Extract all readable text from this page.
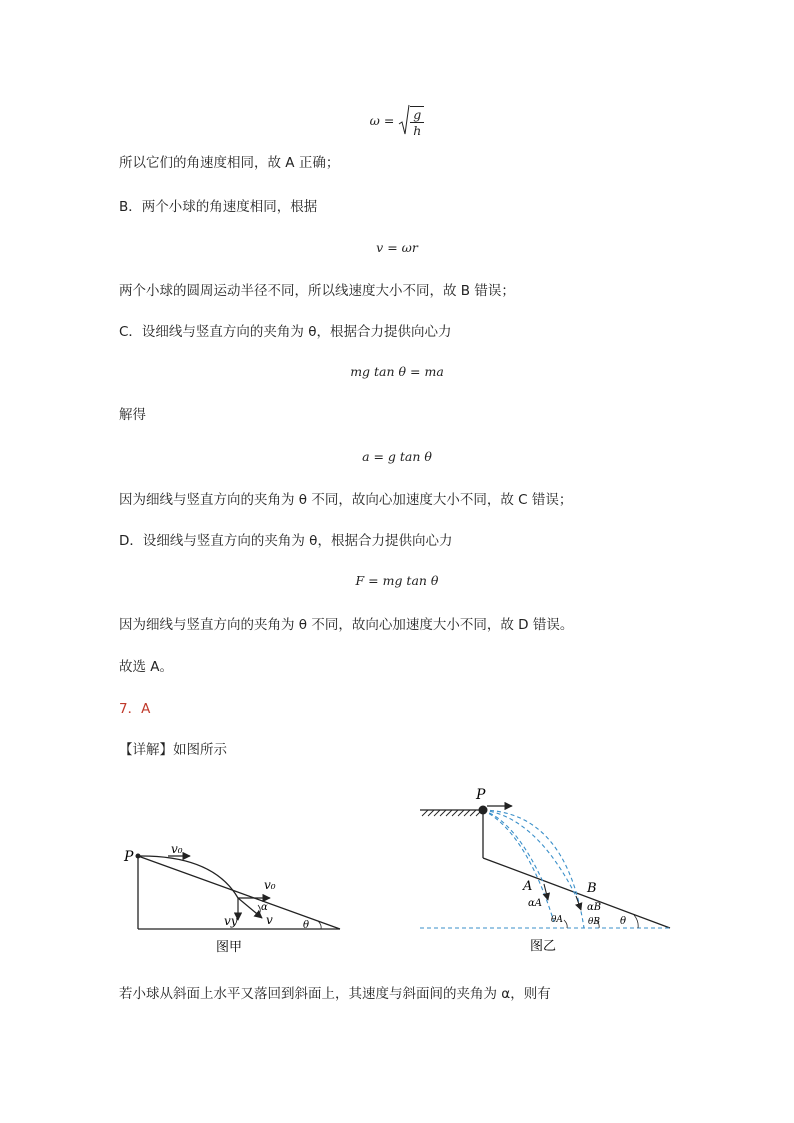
$\omega = \frac{g}{h}$
所以它们的角速度相同，故 A 正确；
B．两个小球的角速度相同，根据
v = ωr
两个小球的圆周运动半径不同，所以线速度大小不同，故 B 错误；
C．设细线与竖直方向的夹角为 θ，根据合力提供向心力
mg tan θ = ma
解得
a = g tan θ
因为细线与竖直方向的夹角为 θ 不同，故向心加速度大小不同，故 C 错误；
D．设细线与竖直方向的夹角为 θ，根据合力提供向心力
F = mg tan θ
因为细线与竖直方向的夹角为 θ 不同，故向心加速度大小不同，故 D 错误。
故选 A。
7．A
【详解】如图所示
P	v₀
v₀
vy v
α
θ
图甲
P
A	B
αA	αB
θA	θB θ
图乙
若小球从斜面上水平又落回到斜面上，其速度与斜面间的夹角为 α，则有
